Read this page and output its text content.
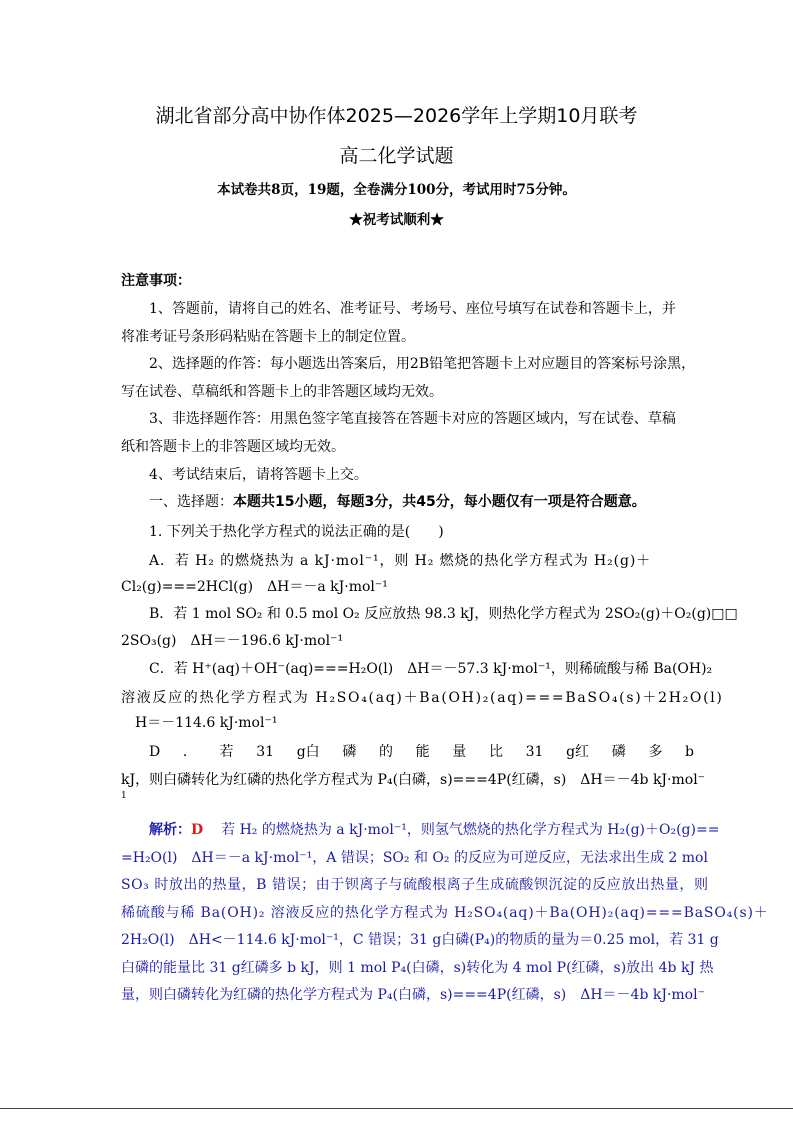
湖北省部分高中协作体2025—2026学年上学期10月联考
高二化学试题
本试卷共8页，19题，全卷满分100分，考试用时75分钟。
★祝考试顺利★
注意事项：
1、答题前，请将自己的姓名、准考证号、考场号、座位号填写在试卷和答题卡上，并
将准考证号条形码粘贴在答题卡上的制定位置。
2、选择题的作答：每小题选出答案后，用2B铅笔把答题卡上对应题目的答案标号涂黑，
写在试卷、草稿纸和答题卡上的非答题区域均无效。
3、非选择题作答：用黑色签字笔直接答在答题卡对应的答题区域内，写在试卷、草稿
纸和答题卡上的非答题区域均无效。
4、考试结束后，请将答题卡上交。
一、选择题：本题共15小题，每题3分，共45分，每小题仅有一项是符合题意。
1. 下列关于热化学方程式的说法正确的是(　　)
A．若 H₂ 的燃烧热为 a kJ·mol⁻¹，则 H₂ 燃烧的热化学方程式为 H₂(g)＋
Cl₂(g)===2HCl(g)　ΔH＝－a kJ·mol⁻¹
B．若 1 mol SO₂ 和 0.5 mol O₂ 反应放热 98.3 kJ，则热化学方程式为 2SO₂(g)＋O₂(g)□□
2SO₃(g)　ΔH＝－196.6 kJ·mol⁻¹
C．若 H⁺(aq)＋OH⁻(aq)===H₂O(l)　ΔH＝－57.3 kJ·mol⁻¹，则稀硫酸与稀 Ba(OH)₂
溶液反应的热化学方程式为 H₂SO₄(aq)＋Ba(OH)₂(aq)===BaSO₄(s)＋2H₂O(l)
H＝－114.6 kJ·mol⁻¹
D ． 若 31 g白 磷 的 能 量 比 31 g红 磷 多 b
kJ，则白磷转化为红磷的热化学方程式为 P₄(白磷，s)===4P(红磷，s)　ΔH＝－4b kJ·mol⁻
1
解析：D 若 H₂ 的燃烧热为 a kJ·mol⁻¹，则氢气燃烧的热化学方程式为 H₂(g)＋O₂(g)==
=H₂O(l)　ΔH＝－a kJ·mol⁻¹，A 错误；SO₂ 和 O₂ 的反应为可逆反应，无法求出生成 2 mol
SO₃ 时放出的热量，B 错误；由于钡离子与硫酸根离子生成硫酸钡沉淀的反应放出热量，则
稀硫酸与稀 Ba(OH)₂ 溶液反应的热化学方程式为 H₂SO₄(aq)＋Ba(OH)₂(aq)===BaSO₄(s)＋
2H₂O(l)　ΔH<－114.6 kJ·mol⁻¹，C 错误；31 g白磷(P₄)的物质的量为＝0.25 mol，若 31 g
白磷的能量比 31 g红磷多 b kJ，则 1 mol P₄(白磷，s)转化为 4 mol P(红磷，s)放出 4b kJ 热
量，则白磷转化为红磷的热化学方程式为 P₄(白磷，s)===4P(红磷，s)　ΔH＝－4b kJ·mol⁻
